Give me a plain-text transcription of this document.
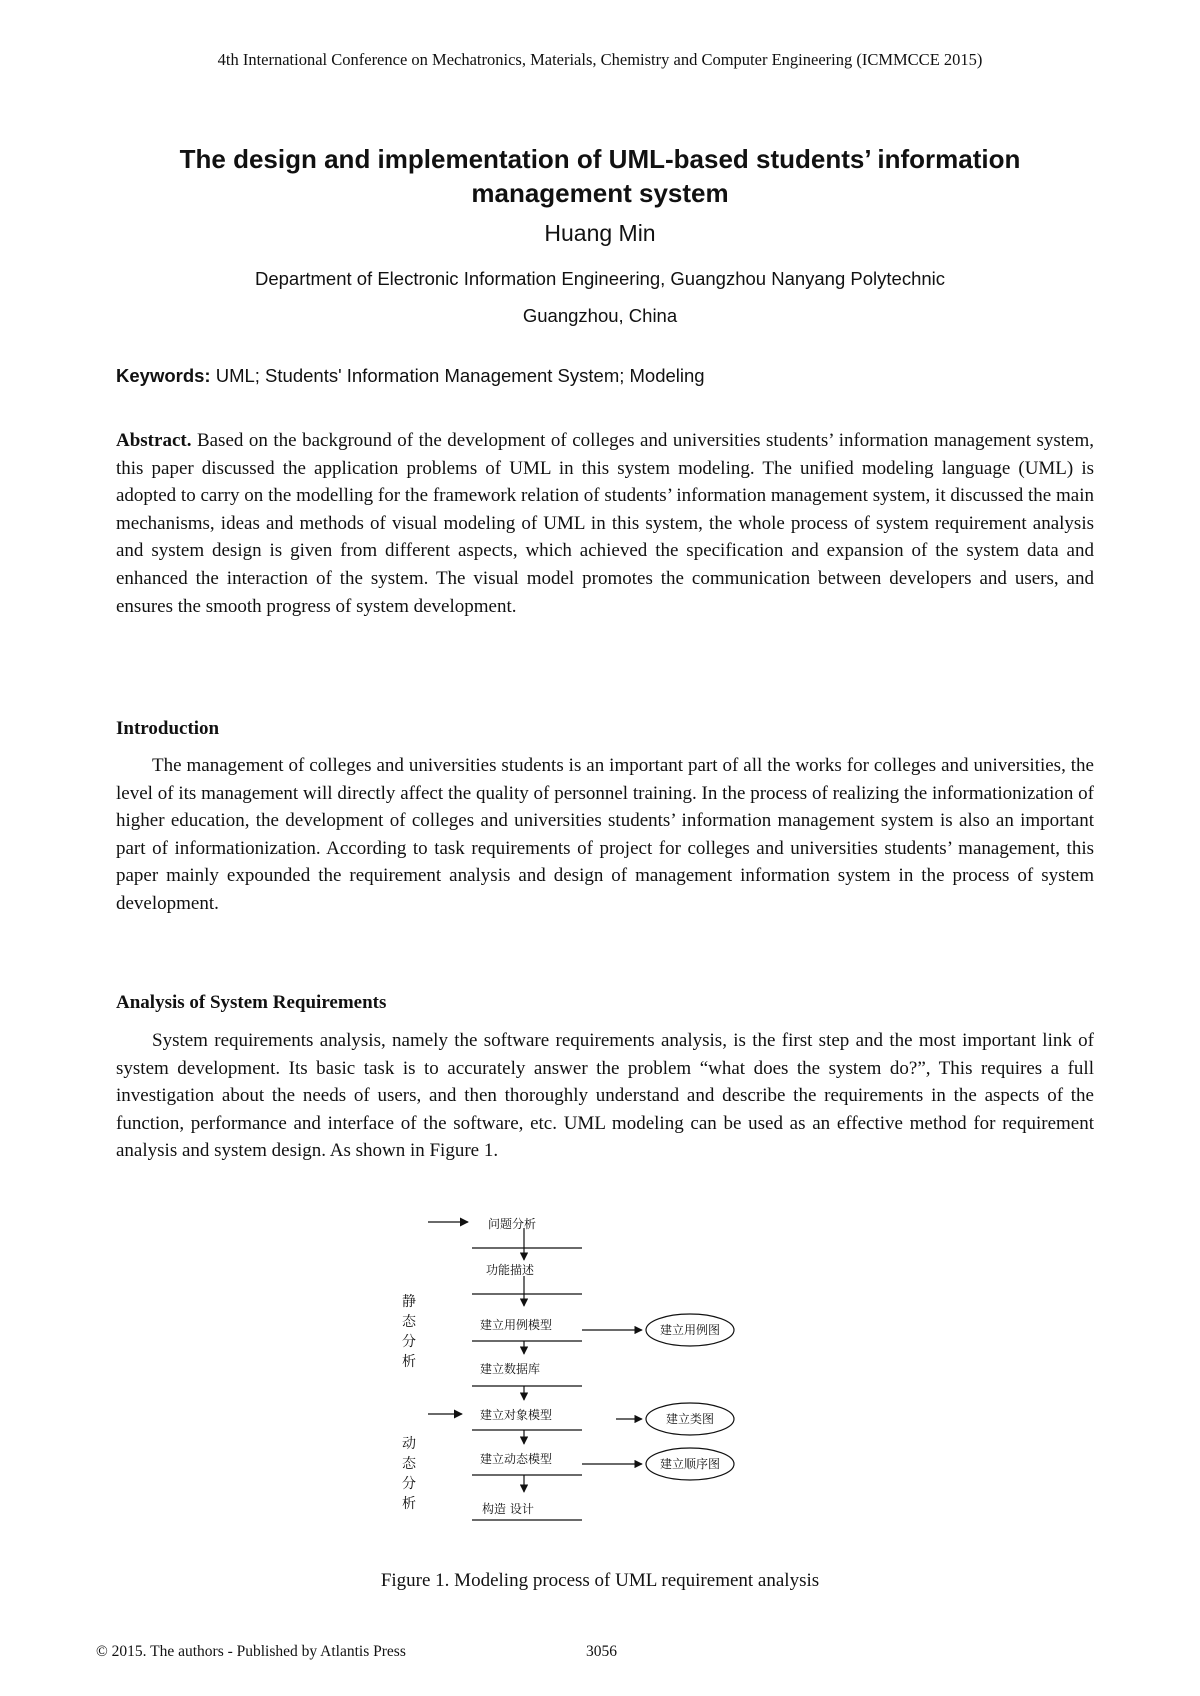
4th International Conference on Mechatronics, Materials, Chemistry and Computer Engineering (ICMMCCE 2015)
The design and implementation of UML-based students’ information management system
Huang Min
Department of Electronic Information Engineering, Guangzhou Nanyang Polytechnic
Guangzhou, China
Keywords: UML; Students' Information Management System; Modeling
Abstract. Based on the background of the development of colleges and universities students’ information management system, this paper discussed the application problems of UML in this system modeling. The unified modeling language (UML) is adopted to carry on the modelling for the framework relation of students’ information management system, it discussed the main mechanisms, ideas and methods of visual modeling of UML in this system, the whole process of system requirement analysis and system design is given from different aspects, which achieved the specification and expansion of the system data and enhanced the interaction of the system. The visual model promotes the communication between developers and users, and ensures the smooth progress of system development.
Introduction
The management of colleges and universities students is an important part of all the works for colleges and universities, the level of its management will directly affect the quality of personnel training. In the process of realizing the informationization of higher education, the development of colleges and universities students’ information management system is also an important part of informationization. According to task requirements of project for colleges and universities students’ management, this paper mainly expounded the requirement analysis and design of management information system in the process of system development.
Analysis of System Requirements
System requirements analysis, namely the software requirements analysis, is the first step and the most important link of system development. Its basic task is to accurately answer the problem “what does the system do?”, This requires a full investigation about the needs of users, and then thoroughly understand and describe the requirements in the aspects of the function, performance and interface of the software, etc. UML modeling can be used as an effective method for requirement analysis and system design. As shown in Figure 1.
问题分析
功能描述
建立用例模型
建立数据库
建立对象模型
建立动态模型
构造 设计
静
态
分
析
动
态
分
析
建立用例图
建立类图
建立顺序图
Figure 1. Modeling process of UML requirement analysis
© 2015. The authors - Published by Atlantis Press	3056
